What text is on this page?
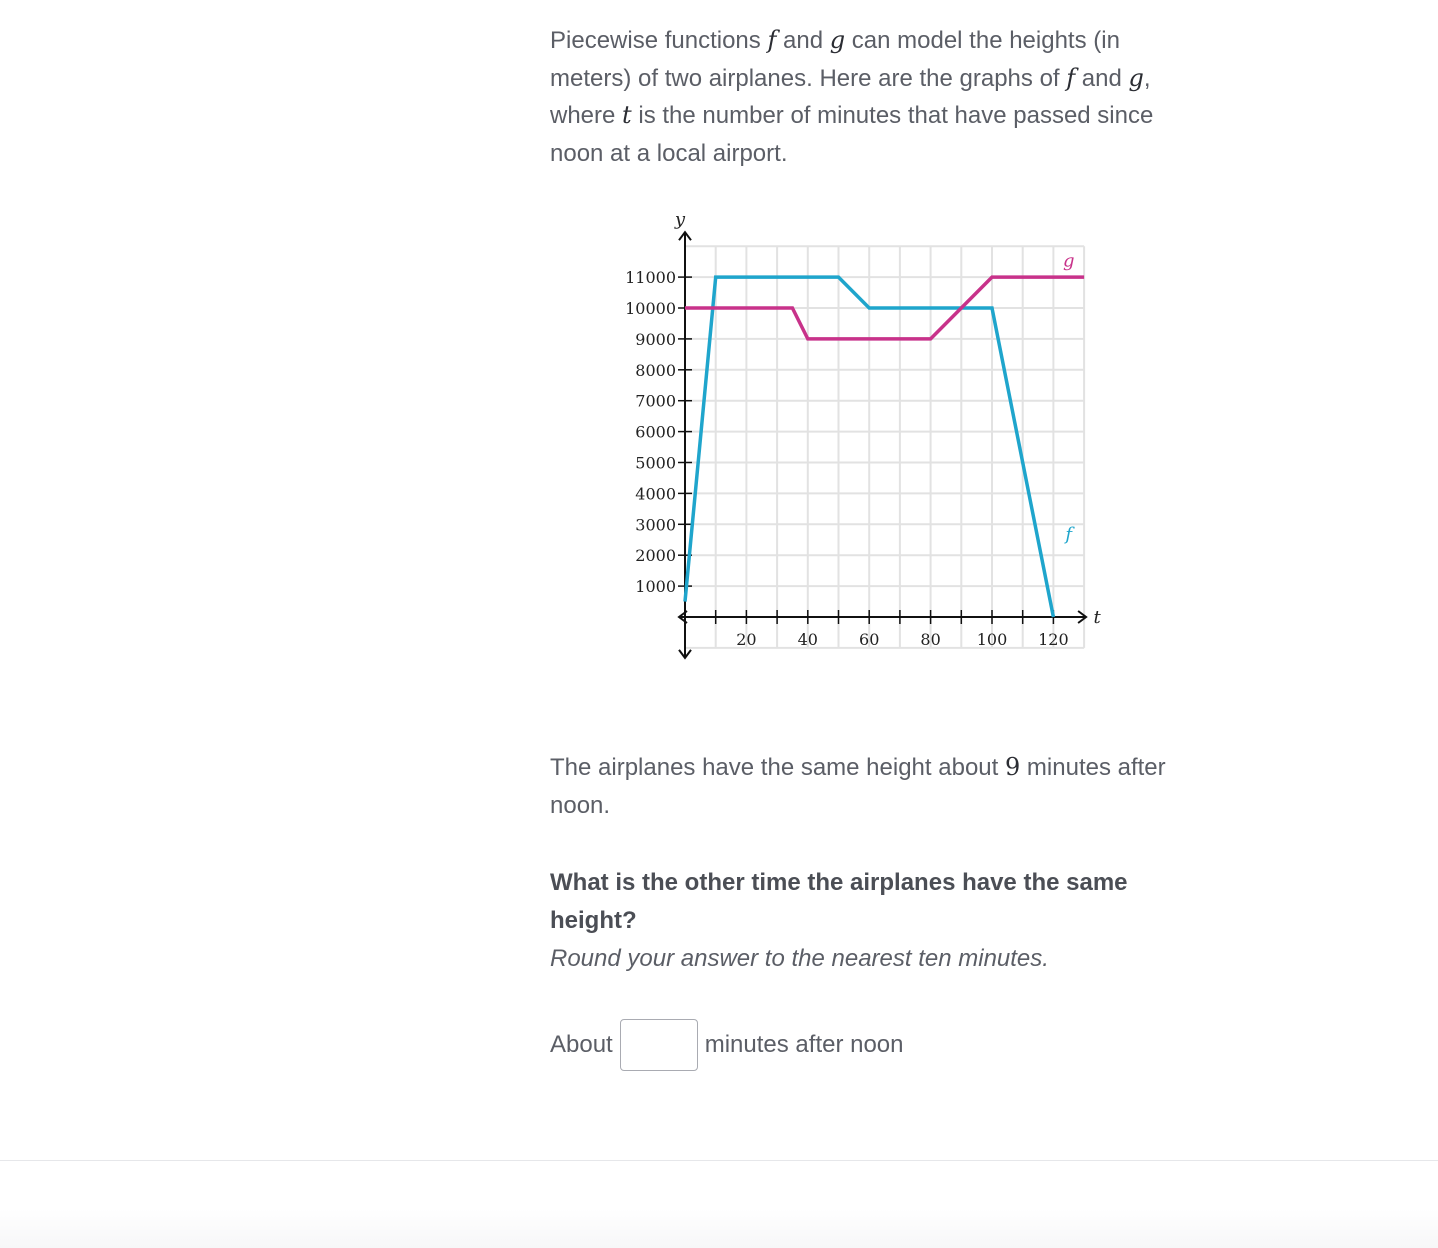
Piecewise functions f and g can model the heights (in meters) of two airplanes. Here are the graphs of f and g, where t is the number of minutes that have passed since noon at a local airport.

y
t
20	40	60	80 100 120
1000
2000
3000
4000
5000
6000
7000
8000
9000
10000
11000
f
g

The airplanes have the same height about 9 minutes after noon.

What is the other time the airplanes have the same height?

Round your answer to the nearest ten minutes.

About	minutes after noon
